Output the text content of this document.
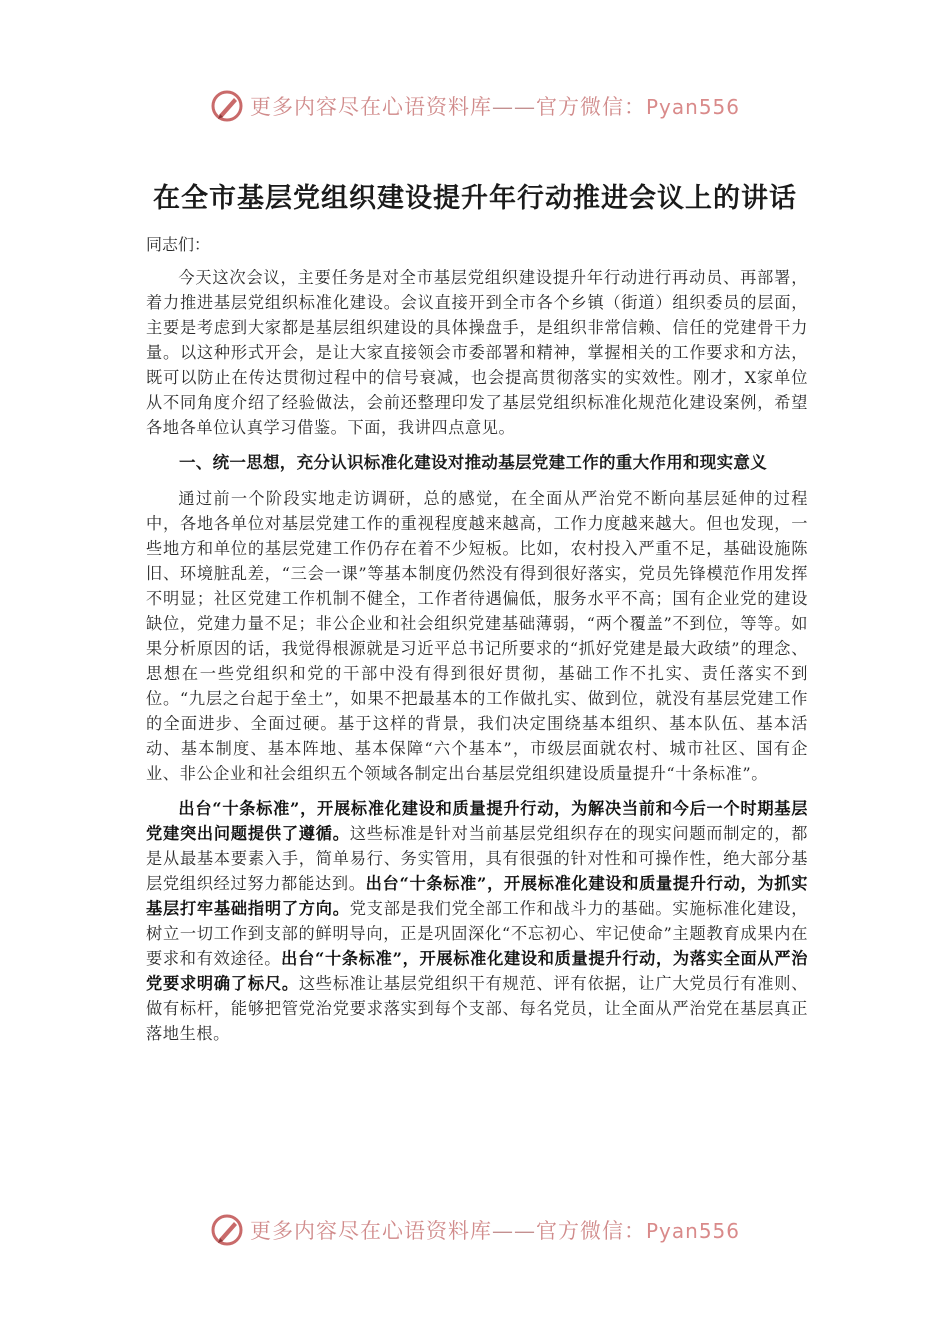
更多内容尽在心语资料库——官方微信：Pyan556
在全市基层党组织建设提升年行动推进会议上的讲话

同志们：

今天这次会议，主要任务是对全市基层党组织建设提升年行动进行再动员、再部署，着力推进基层党组织标准化建设。会议直接开到全市各个乡镇（街道）组织委员的层面，主要是考虑到大家都是基层组织建设的具体操盘手，是组织非常信赖、信任的党建骨干力量。以这种形式开会，是让大家直接领会市委部署和精神，掌握相关的工作要求和方法，既可以防止在传达贯彻过程中的信号衰减，也会提高贯彻落实的实效性。刚才，X家单位从不同角度介绍了经验做法，会前还整理印发了基层党组织标准化规范化建设案例，希望各地各单位认真学习借鉴。下面，我讲四点意见。

一、统一思想，充分认识标准化建设对推动基层党建工作的重大作用和现实意义

通过前一个阶段实地走访调研，总的感觉，在全面从严治党不断向基层延伸的过程中，各地各单位对基层党建工作的重视程度越来越高，工作力度越来越大。但也发现，一些地方和单位的基层党建工作仍存在着不少短板。比如，农村投入严重不足，基础设施陈旧、环境脏乱差，“三会一课”等基本制度仍然没有得到很好落实，党员先锋模范作用发挥不明显；社区党建工作机制不健全，工作者待遇偏低，服务水平不高；国有企业党的建设缺位，党建力量不足；非公企业和社会组织党建基础薄弱，“两个覆盖”不到位，等等。如果分析原因的话，我觉得根源就是习近平总书记所要求的“抓好党建是最大政绩”的理念、思想在一些党组织和党的干部中没有得到很好贯彻，基础工作不扎实、责任落实不到位。“九层之台起于垒土”，如果不把最基本的工作做扎实、做到位，就没有基层党建工作的全面进步、全面过硬。基于这样的背景，我们决定围绕基本组织、基本队伍、基本活动、基本制度、基本阵地、基本保障“六个基本”，市级层面就农村、城市社区、国有企业、非公企业和社会组织五个领域各制定出台基层党组织建设质量提升“十条标准”。

出台“十条标准”，开展标准化建设和质量提升行动，为解决当前和今后一个时期基层党建突出问题提供了遵循。这些标准是针对当前基层党组织存在的现实问题而制定的，都是从最基本要素入手，简单易行、务实管用，具有很强的针对性和可操作性，绝大部分基层党组织经过努力都能达到。出台“十条标准”，开展标准化建设和质量提升行动，为抓实基层打牢基础指明了方向。党支部是我们党全部工作和战斗力的基础。实施标准化建设，树立一切工作到支部的鲜明导向，正是巩固深化“不忘初心、牢记使命”主题教育成果内在要求和有效途径。出台“十条标准”，开展标准化建设和质量提升行动，为落实全面从严治党要求明确了标尺。这些标准让基层党组织干有规范、评有依据，让广大党员行有准则、做有标杆，能够把管党治党要求落实到每个支部、每名党员，让全面从严治党在基层真正落地生根。

更多内容尽在心语资料库——官方微信：Pyan556
